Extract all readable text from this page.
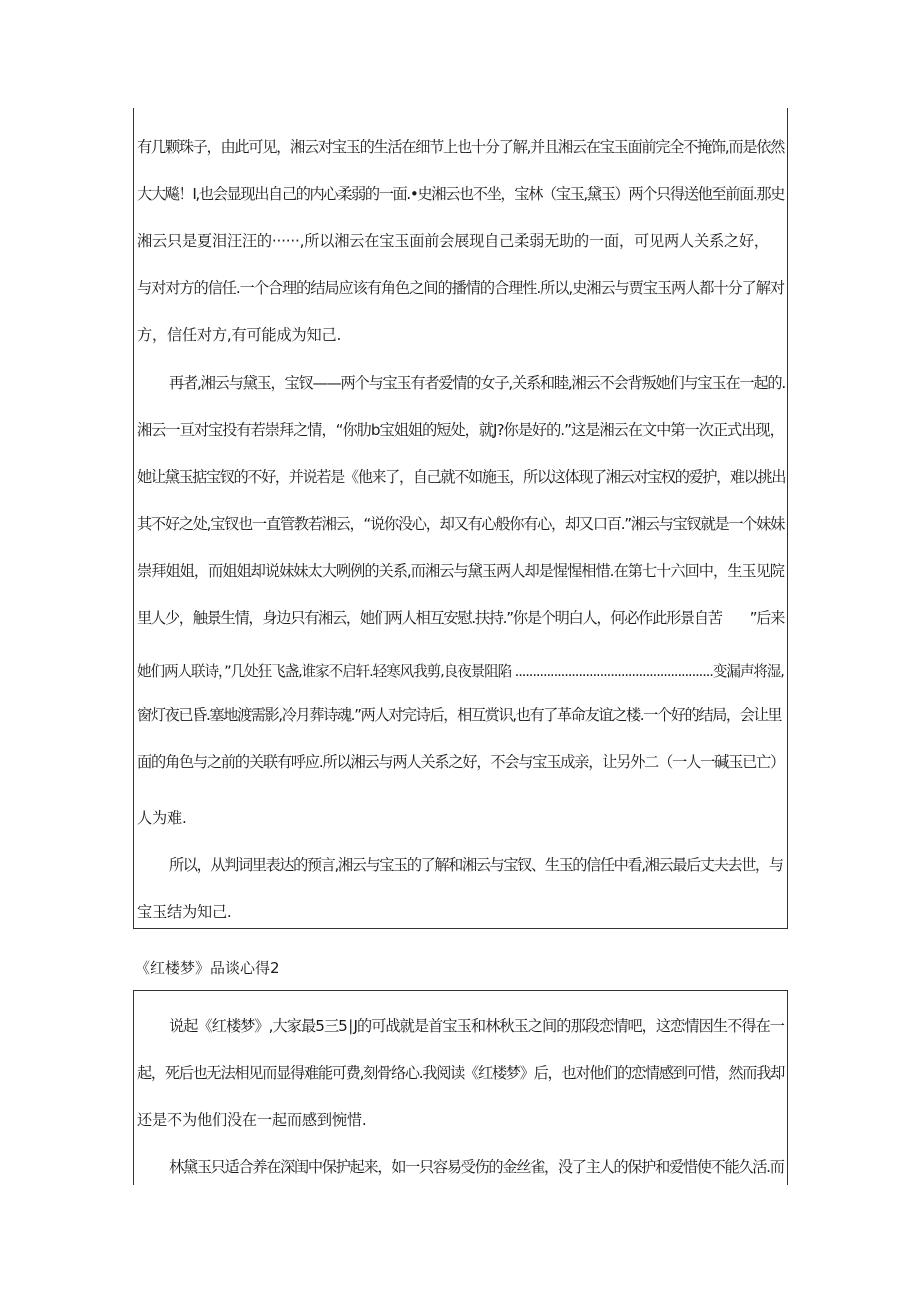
有几颗珠子，由此可见，湘云对宝玉的生活在细节上也十分了解,并且湘云在宝玉面前完全不掩饰,而是依然
大大飚！I,也会显现出自己的内心柔弱的一面.•史湘云也不坐，宝林（宝玉,黛玉）两个只得送他至前面.那史
湘云只是夏泪汪汪的······,所以湘云在宝玉面前会展现自己柔弱无助的一面，可见两人关系之好，
与对对方的信任.一个合理的结局应该有角色之间的播情的合理性.所以,史湘云与贾宝玉两人都十分了解对
方，信任对方,有可能成为知己.
再者,湘云与黛玉，宝钗——两个与宝玉有者爱情的女子,关系和睦,湘云不会背叛她们与宝玉在一起的.
湘云一亘对宝投有若崇拜之情，“你肋b宝姐姐的短处，就J?你是好的.”这是湘云在文中第一次正式出现，
她让黛玉掂宝钗的不好，并说若是《他来了，自己就不如施玉，所以这体现了湘云对宝权的爱护，难以挑出
其不好之处,宝钗也一直管教若湘云，“说你没心，却又有心般你有心，却又口百.”湘云与宝钗就是一个妹妹
崇拜姐姐，而姐姐却说妹妹太大咧例的关系,而湘云与黛玉两人却是惺惺相惜.在第七十六回中，生玉见院
里人少，触景生情，身边只有湘云，她们两人相互安慰.扶持.”你是个明白人，何必作此形景自苦　　”后来
她们两人联诗，”几处狂飞盏,谁家不启轩.轻寒风我剪,良夜景阻陷 ........................................................变漏声将湿,
窗灯夜已昏.塞地渡需影,冷月葬诗魂.”两人对完诗后，相互赏识,也有了革命友谊之楼.一个好的结局，会让里
面的角色与之前的关联有呼应.所以湘云与两人关系之好，不会与宝玉成亲，让另外二（一人一碱玉已亡）
人为难.
所以，从判词里表达的预言,湘云与宝玉的了解和湘云与宝钗、生玉的信任中看,湘云最后丈夫去世，与
宝玉结为知己.
《红楼梦》品谈心得2
说起《红楼梦》,大家最5三5∣J的可战就是首宝玉和林秋玉之间的那段恋情吧，这恋情因生不得在一
起，死后也无法相见而显得难能可费,刻骨络心.我阅读《红楼梦》后，也对他们的恋情感到可惜，然而我却
还是不为他们没在一起而感到惋惜.
林黛玉只适合养在深闺中保护起来，如一只容易受伤的金丝雀，没了主人的保护和爱惜使不能久活.而
